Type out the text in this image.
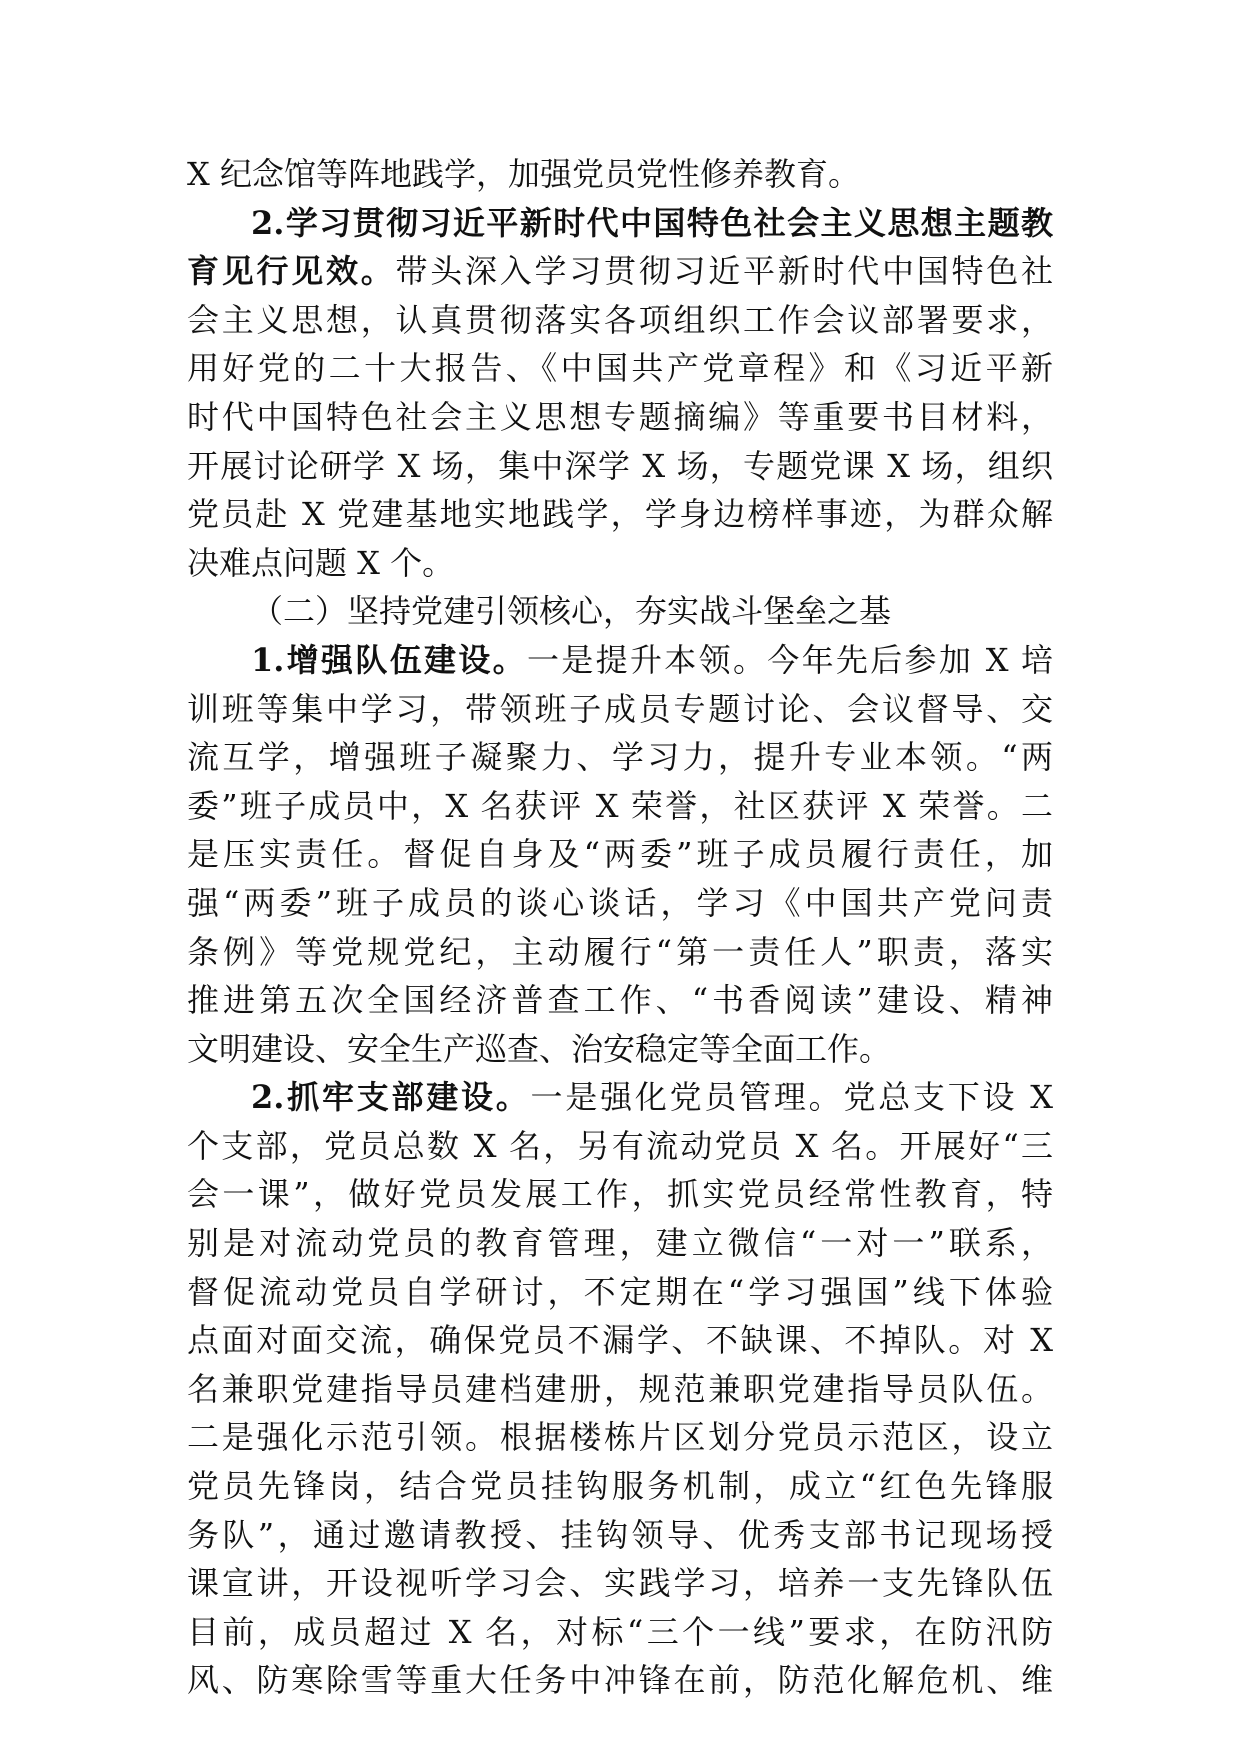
X 纪念馆等阵地践学，加强党员党性修养教育。
2.学习贯彻习近平新时代中国特色社会主义思想主题教
育见行见效。带头深入学习贯彻习近平新时代中国特色社
会主义思想，认真贯彻落实各项组织工作会议部署要求，
用好党的二十大报告、《中国共产党章程》和《习近平新
时代中国特色社会主义思想专题摘编》等重要书目材料，
开展讨论研学 X 场，集中深学 X 场，专题党课 X 场，组织
党员赴 X 党建基地实地践学，学身边榜样事迹，为群众解
决难点问题 X 个。
（二）坚持党建引领核心，夯实战斗堡垒之基
1.增强队伍建设。一是提升本领。今年先后参加 X 培
训班等集中学习，带领班子成员专题讨论、会议督导、交
流互学，增强班子凝聚力、学习力，提升专业本领。“两
委”班子成员中，X 名获评 X 荣誉，社区获评 X 荣誉。二
是压实责任。督促自身及“两委”班子成员履行责任，加
强“两委”班子成员的谈心谈话，学习《中国共产党问责
条例》等党规党纪，主动履行“第一责任人”职责，落实
推进第五次全国经济普查工作、“书香阅读”建设、精神
文明建设、安全生产巡查、治安稳定等全面工作。
2.抓牢支部建设。一是强化党员管理。党总支下设 X
个支部，党员总数 X 名，另有流动党员 X 名。开展好“三
会一课”，做好党员发展工作，抓实党员经常性教育，特
别是对流动党员的教育管理，建立微信“一对一”联系，
督促流动党员自学研讨，不定期在“学习强国”线下体验
点面对面交流，确保党员不漏学、不缺课、不掉队。对 X
名兼职党建指导员建档建册，规范兼职党建指导员队伍。
二是强化示范引领。根据楼栋片区划分党员示范区，设立
党员先锋岗，结合党员挂钩服务机制，成立“红色先锋服
务队”，通过邀请教授、挂钩领导、优秀支部书记现场授
课宣讲，开设视听学习会、实践学习，培养一支先锋队伍
目前，成员超过 X 名，对标“三个一线”要求，在防汛防
风、防寒除雪等重大任务中冲锋在前，防范化解危机、维
